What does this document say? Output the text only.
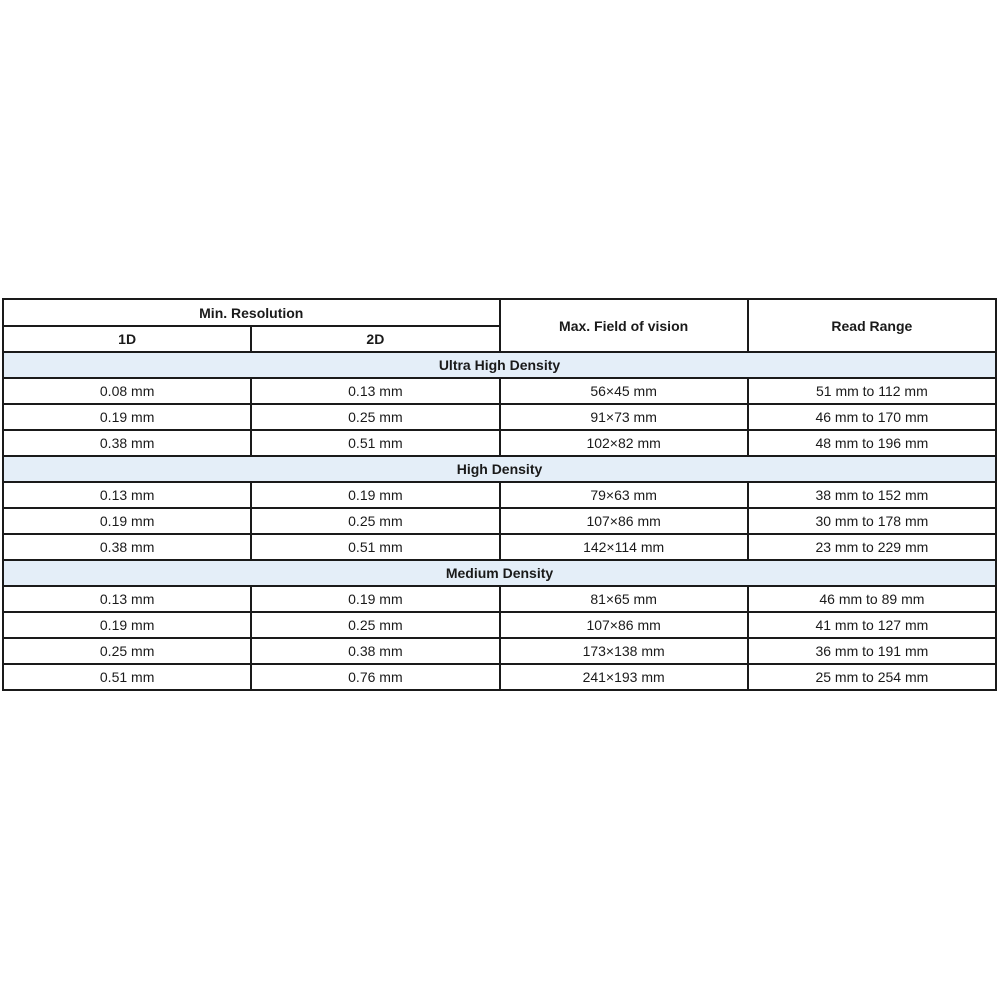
Min. Resolution		Max. Field of vision	Read Range
1D	2D		
Ultra High Density			
0.08 mm	0.13 mm	56×45 mm	51 mm to 112 mm
0.19 mm	0.25 mm	91×73 mm	46 mm to 170 mm
0.38 mm	0.51 mm	102×82 mm	48 mm to 196 mm
High Density			
0.13 mm	0.19 mm	79×63 mm	38 mm to 152 mm
0.19 mm	0.25 mm	107×86 mm	30 mm to 178 mm
0.38 mm	0.51 mm	142×114 mm	23 mm to 229 mm
Medium Density			
0.13 mm	0.19 mm	81×65 mm	46 mm to 89 mm
0.19 mm	0.25 mm	107×86 mm	41 mm to 127 mm
0.25 mm	0.38 mm	173×138 mm	36 mm to 191 mm
0.51 mm	0.76 mm	241×193 mm	25 mm to 254 mm
